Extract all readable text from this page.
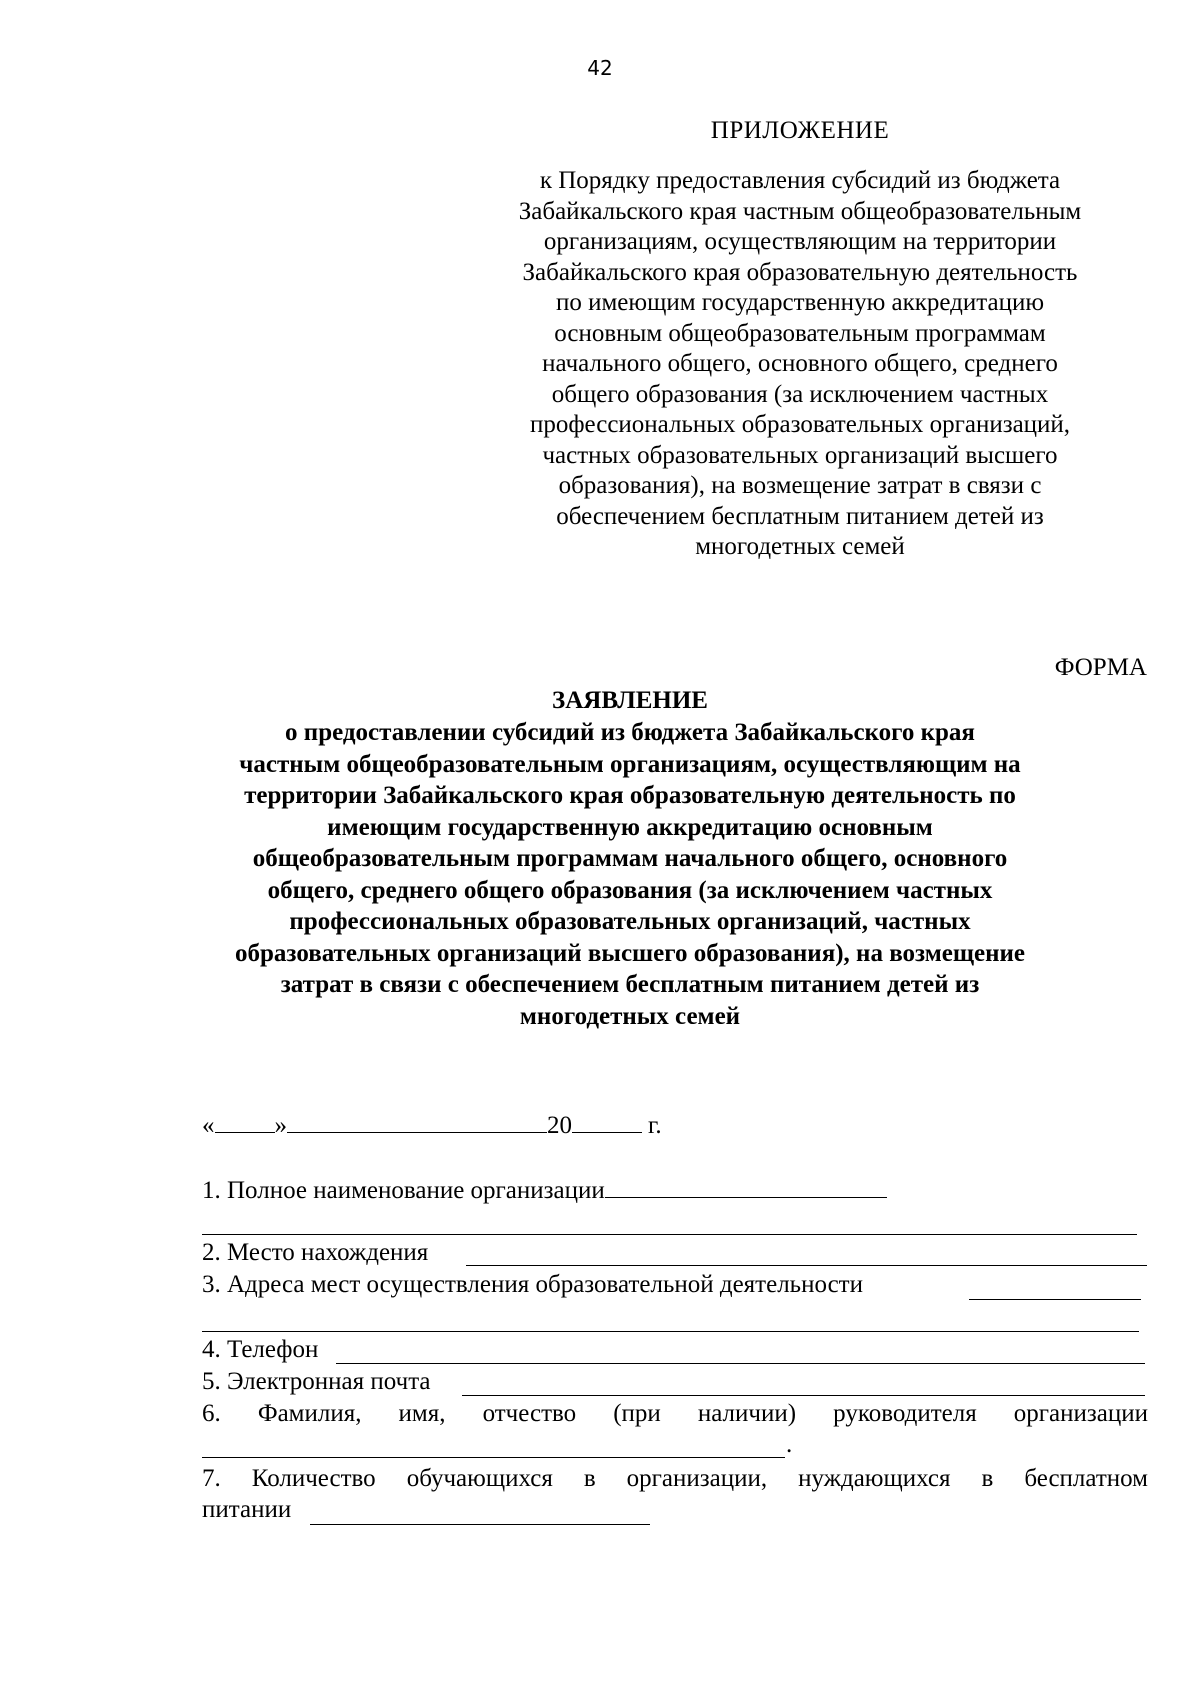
42
ПРИЛОЖЕНИЕ
к Порядку предоставления субсидий из бюджета
Забайкальского края частным общеобразовательным
организациям, осуществляющим на территории
Забайкальского края образовательную деятельность
по имеющим государственную аккредитацию
основным общеобразовательным программам
начального общего, основного общего, среднего
общего образования (за исключением частных
профессиональных образовательных организаций,
частных образовательных организаций высшего
образования), на возмещение затрат в связи с
обеспечением бесплатным питанием детей из
многодетных семей
ФОРМА
ЗАЯВЛЕНИЕ
о предоставлении субсидий из бюджета Забайкальского края
частным общеобразовательным организациям, осуществляющим на
территории Забайкальского края образовательную деятельность по
имеющим государственную аккредитацию основным
общеобразовательным программам начального общего, основного
общего, среднего общего образования (за исключением частных
профессиональных образовательных организаций, частных
образовательных организаций высшего образования), на возмещение
затрат в связи с обеспечением бесплатным питанием детей из
многодетных семей
« »	20	г.
1. Полное наименование организации
2. Место нахождения
3. Адреса мест осуществления образовательной деятельности
4. Телефон
5. Электронная почта
6. Фамилия, имя, отчество (при наличии) руководителя организации
.
7. Количество обучающихся в организации, нуждающихся в бесплатном
питании
